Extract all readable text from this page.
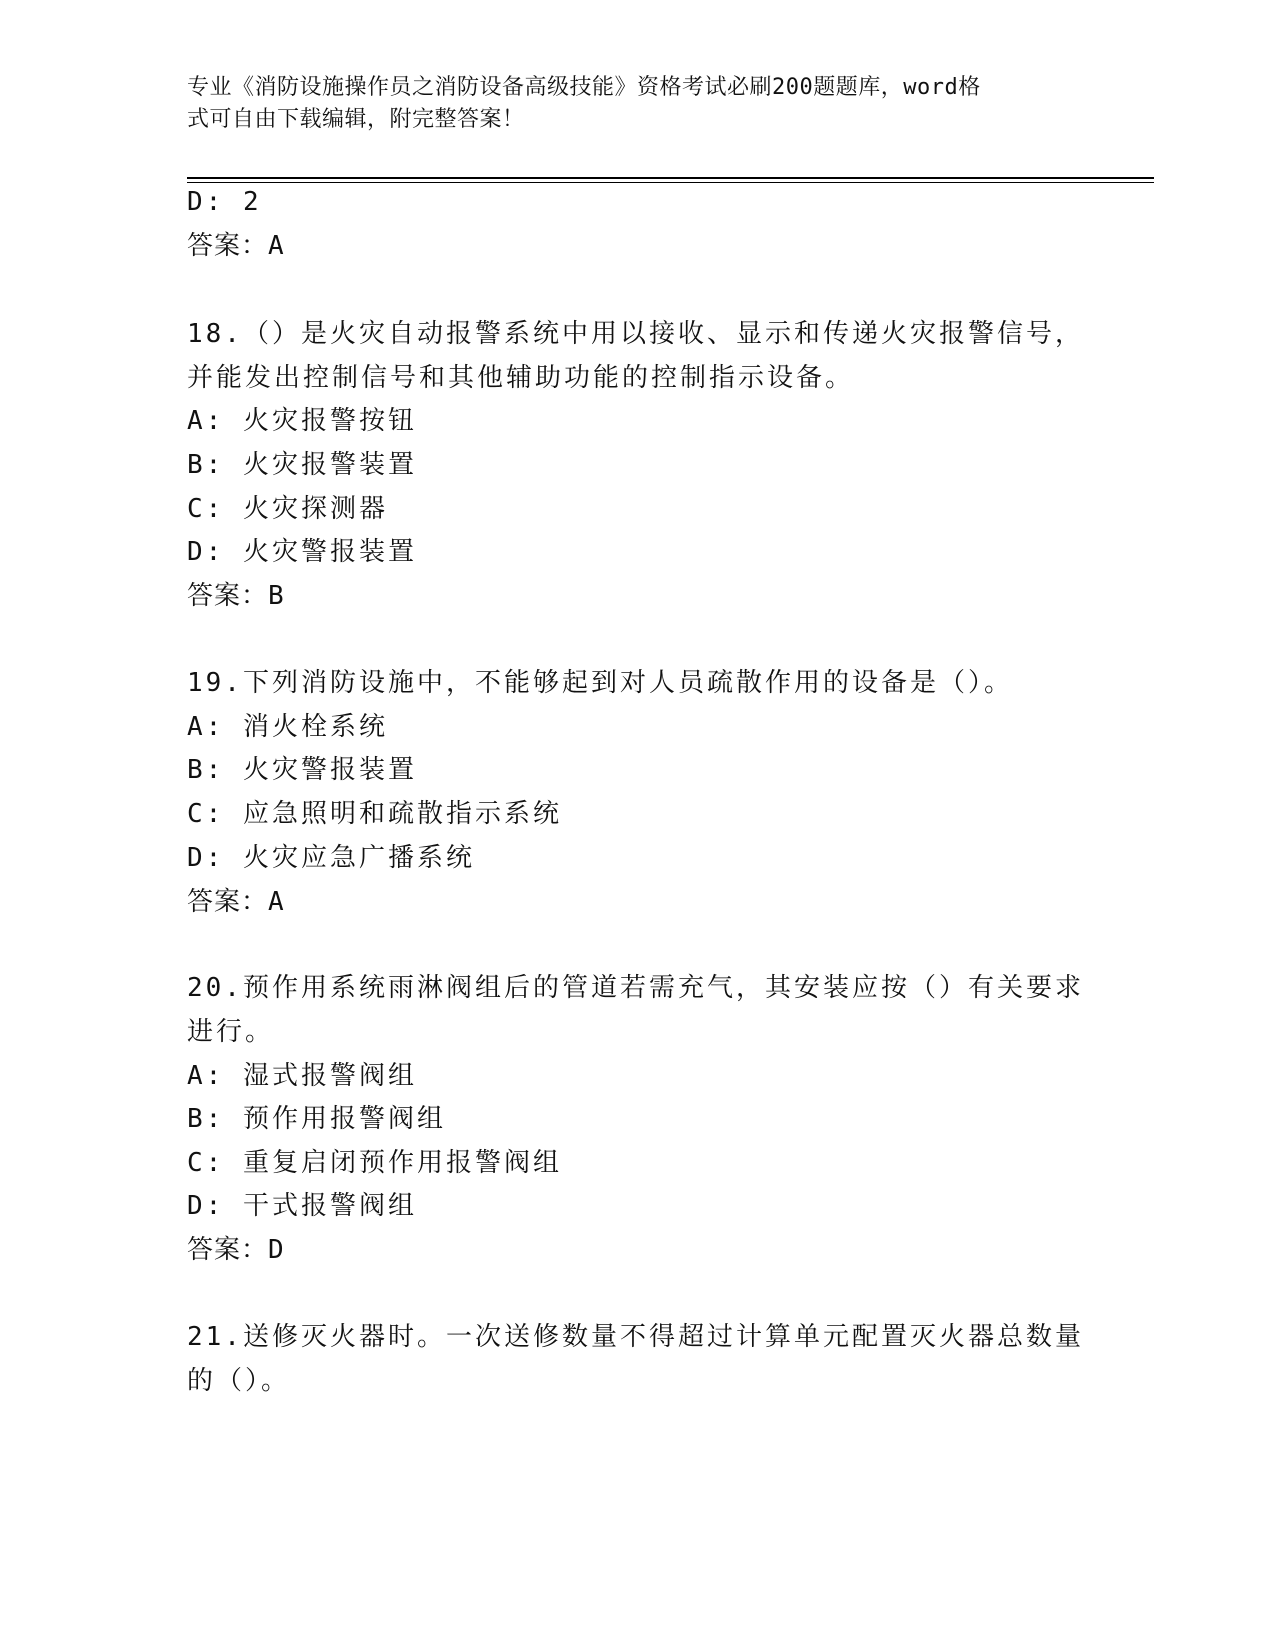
专业《消防设施操作员之消防设备高级技能》资格考试必刷200题题库，word格
式可自由下载编辑，附完整答案！
D: 2
答案：A
18.（）是火灾自动报警系统中用以接收、显示和传递火灾报警信号，
并能发出控制信号和其他辅助功能的控制指示设备。
A: 火灾报警按钮
B: 火灾报警装置
C: 火灾探测器
D: 火灾警报装置
答案：B
19.下列消防设施中，不能够起到对人员疏散作用的设备是（）。
A: 消火栓系统
B: 火灾警报装置
C: 应急照明和疏散指示系统
D: 火灾应急广播系统
答案：A
20.预作用系统雨淋阀组后的管道若需充气，其安装应按（）有关要求
进行。
A: 湿式报警阀组
B: 预作用报警阀组
C: 重复启闭预作用报警阀组
D: 干式报警阀组
答案：D
21.送修灭火器时。一次送修数量不得超过计算单元配置灭火器总数量
的（）。
